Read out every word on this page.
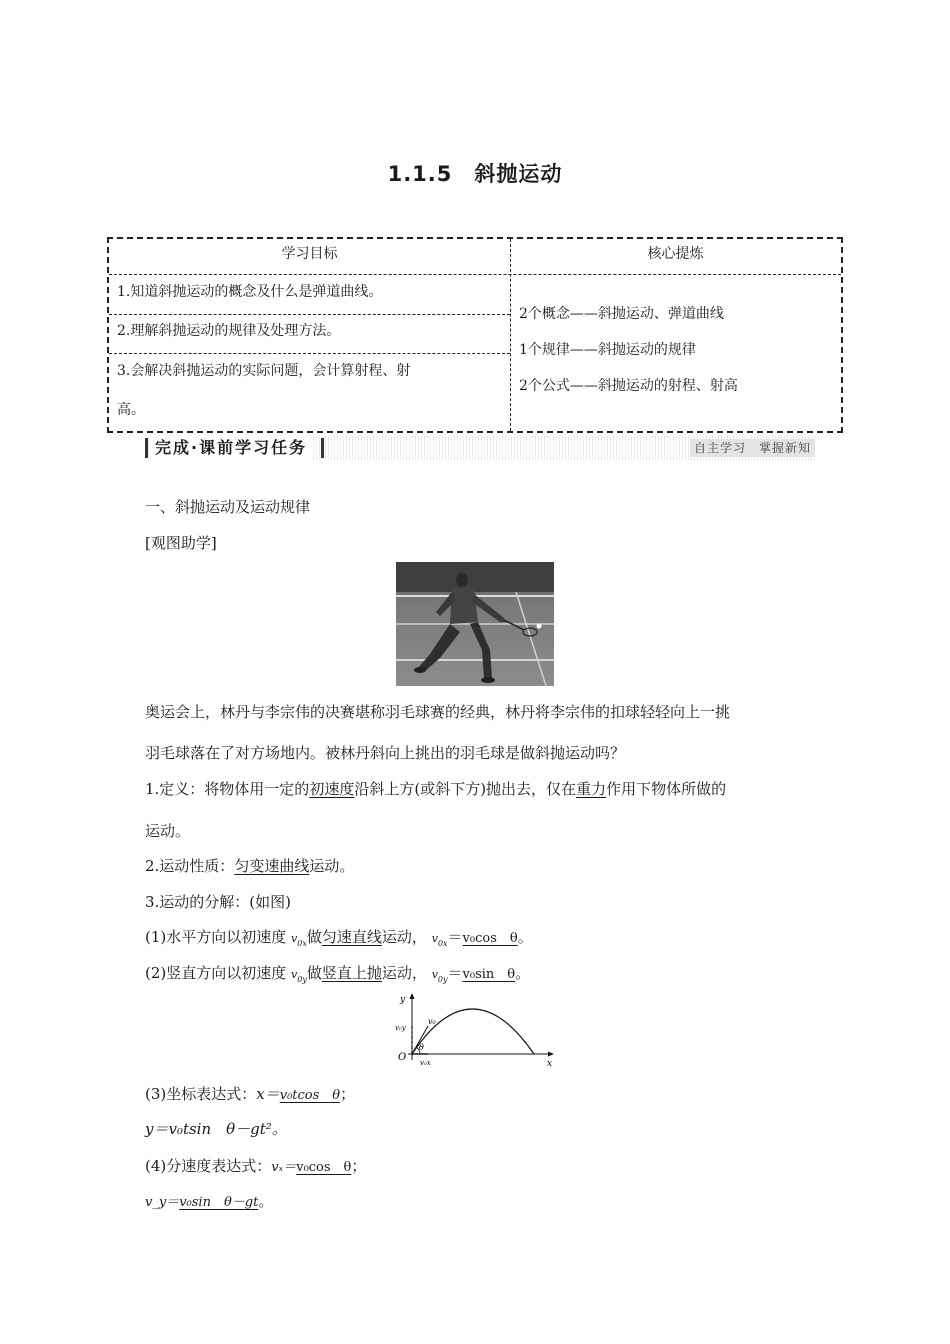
1.1.5　斜抛运动
学习目标	核心提炼
1.知道斜抛运动的概念及什么是弹道曲线。
2.理解斜抛运动的规律及处理方法。
3.会解决斜抛运动的实际问题，会计算射程、射
高。
2个概念——斜抛运动、弹道曲线
1个规律——斜抛运动的规律
2个公式——斜抛运动的射程、射高
完成·课前学习任务	自主学习　掌握新知
一、斜抛运动及运动规律
[观图助学]
奥运会上，林丹与李宗伟的决赛堪称羽毛球赛的经典，林丹将李宗伟的扣球轻轻向上一挑
羽毛球落在了对方场地内。被林丹斜向上挑出的羽毛球是做斜抛运动吗？
1.定义：将物体用一定的初速度沿斜上方(或斜下方)抛出去，仅在重力作用下物体所做的
运动。
2.运动性质：匀变速曲线运动。
3.运动的分解：(如图)
(1)水平方向以初速度 $v_{0x}$做匀速直线运动， $v_{0x}=v_0\cos$　θ。
(2)竖直方向以初速度 $v_{0y}$做竖直上抛运动， $v_{0y}=v_0\sin$　θ。
y
x
O
v₀
v₀y
v₀x
θ
(3)坐标表达式：x＝v₀tcos　θ；
y＝v₀tsin　θ－gt²。
(4)分速度表达式：vₓ＝v₀cos　θ；
v_y＝v₀sin　θ－gt。
